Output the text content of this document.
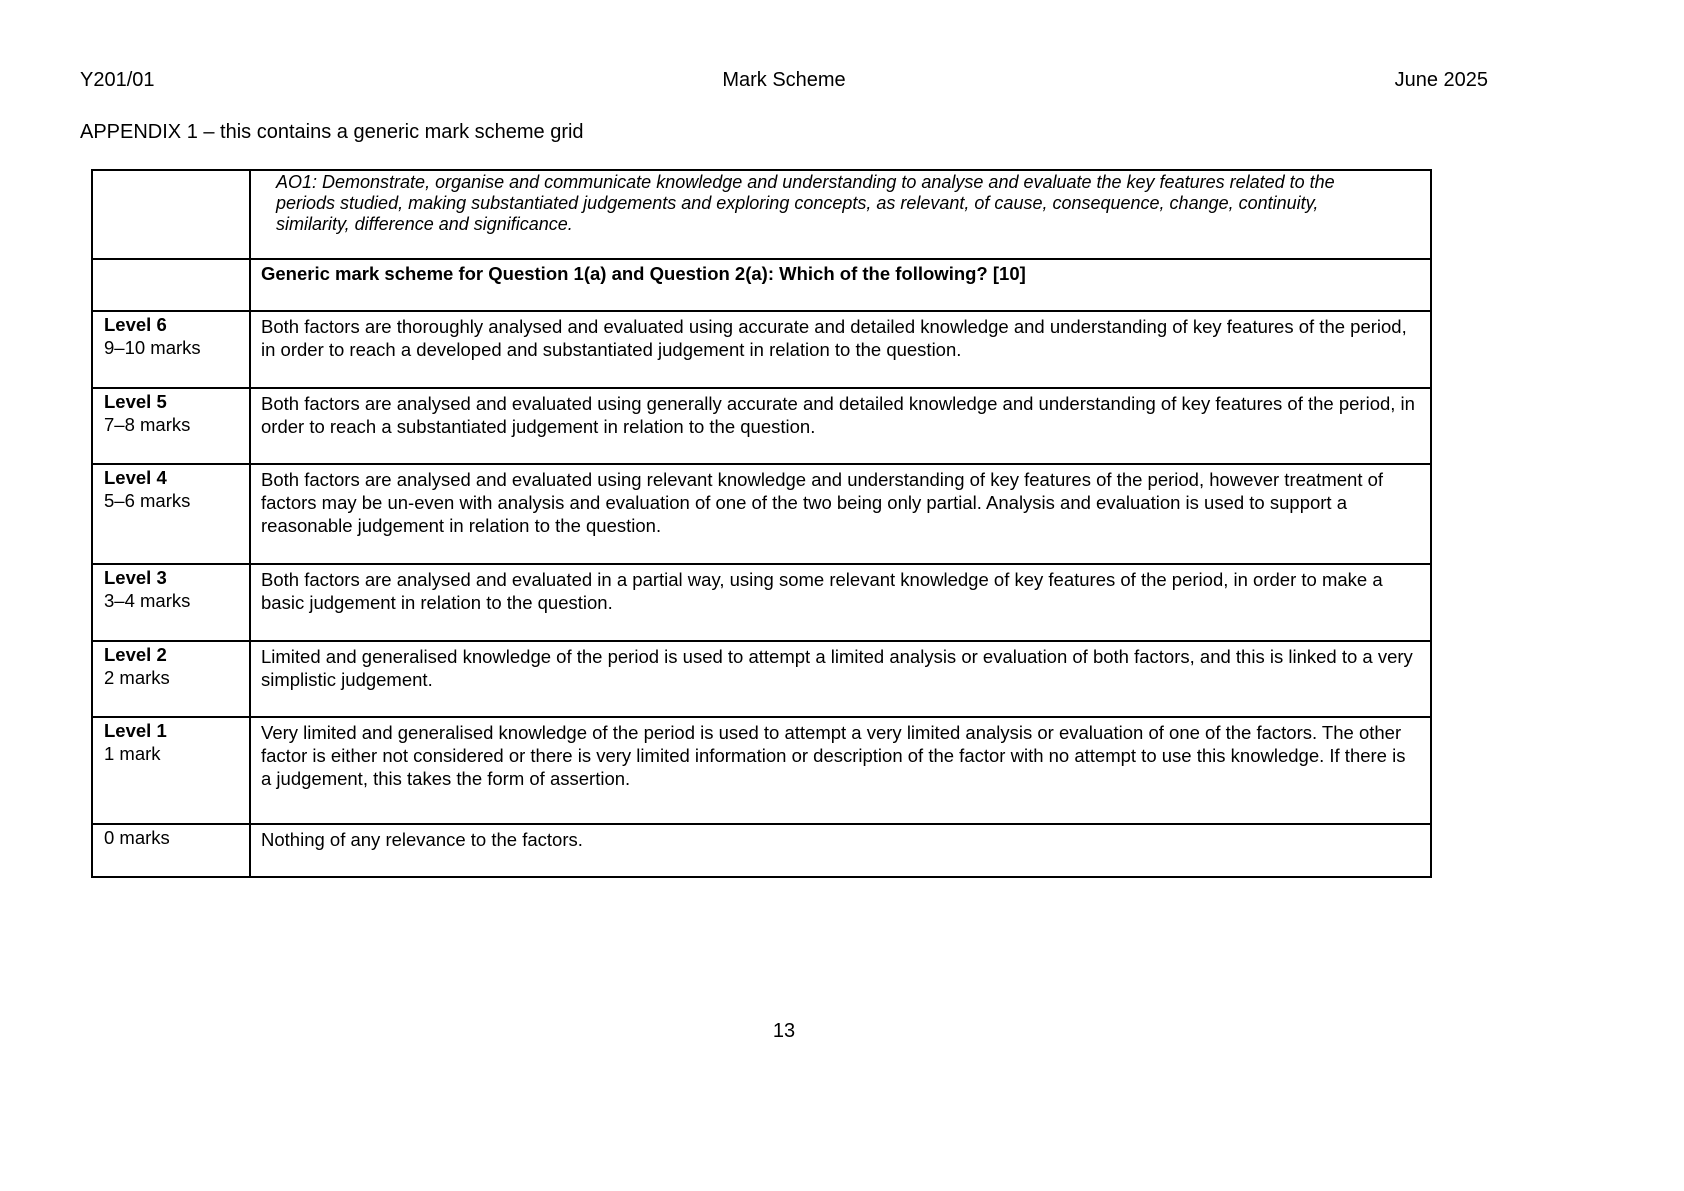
Y201/01	Mark Scheme	June 2025
APPENDIX 1 – this contains a generic mark scheme grid
	AO1: Demonstrate, organise and communicate knowledge and understanding to analyse and evaluate the key features related to the periods studied, making substantiated judgements and exploring concepts, as relevant, of cause, consequence, change, continuity, similarity, difference and significance.
	Generic mark scheme for Question 1(a) and Question 2(a): Which of the following? [10]

Level 6
9–10 marks	Both factors are thoroughly analysed and evaluated using accurate and detailed knowledge and understanding of key features of the period, in order to reach a developed and substantiated judgement in relation to the question.

Level 5
7–8 marks	Both factors are analysed and evaluated using generally accurate and detailed knowledge and understanding of key features of the period, in order to reach a substantiated judgement in relation to the question.

Level 4
5–6 marks	Both factors are analysed and evaluated using relevant knowledge and understanding of key features of the period, however treatment of factors may be un-even with analysis and evaluation of one of the two being only partial. Analysis and evaluation is used to support a reasonable judgement in relation to the question.

Level 3
3–4 marks	Both factors are analysed and evaluated in a partial way, using some relevant knowledge of key features of the period, in order to make a basic judgement in relation to the question.

Level 2
2 marks	Limited and generalised knowledge of the period is used to attempt a limited analysis or evaluation of both factors, and this is linked to a very simplistic judgement.

Level 1
1 mark	Very limited and generalised knowledge of the period is used to attempt a very limited analysis or evaluation of one of the factors. The other factor is either not considered or there is very limited information or description of the factor with no attempt to use this knowledge. If there is a judgement, this takes the form of assertion.

0 marks	Nothing of any relevance to the factors.
13
